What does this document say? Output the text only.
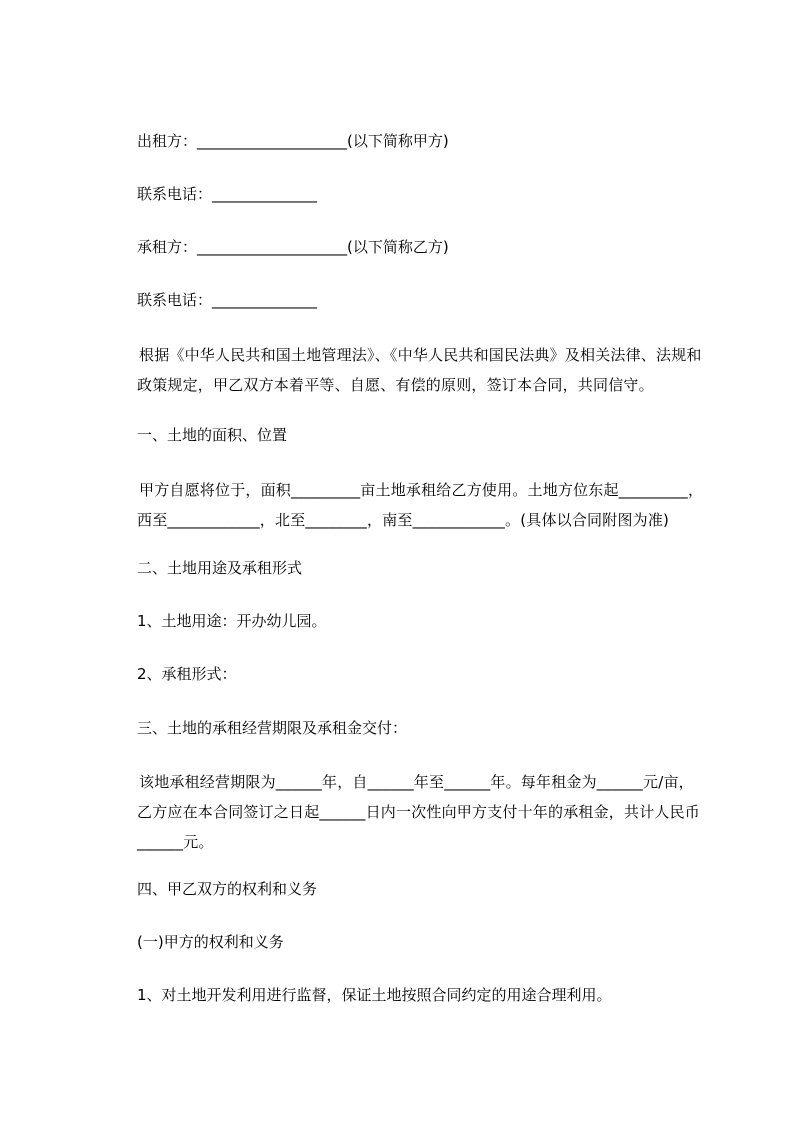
出租方：____________________(以下简称甲方)
联系电话：______________
承租方：____________________(以下简称乙方)
联系电话：______________
根据《中华人民共和国土地管理法》、《中华人民共和国民法典》及相关法律、法规和政策规定，甲乙双方本着平等、自愿、有偿的原则，签订本合同，共同信守。
一、土地的面积、位置
甲方自愿将位于，面积_________亩土地承租给乙方使用。土地方位东起_________，西至____________，北至________，南至____________。(具体以合同附图为准)
二、土地用途及承租形式
1、土地用途：开办幼儿园。
2、承租形式：
三、土地的承租经营期限及承租金交付：
该地承租经营期限为______年，自______年至______年。每年租金为______元/亩，乙方应在本合同签订之日起______日内一次性向甲方支付十年的承租金，共计人民币______元。
四、甲乙双方的权利和义务
(一)甲方的权利和义务
1、对土地开发利用进行监督，保证土地按照合同约定的用途合理利用。
